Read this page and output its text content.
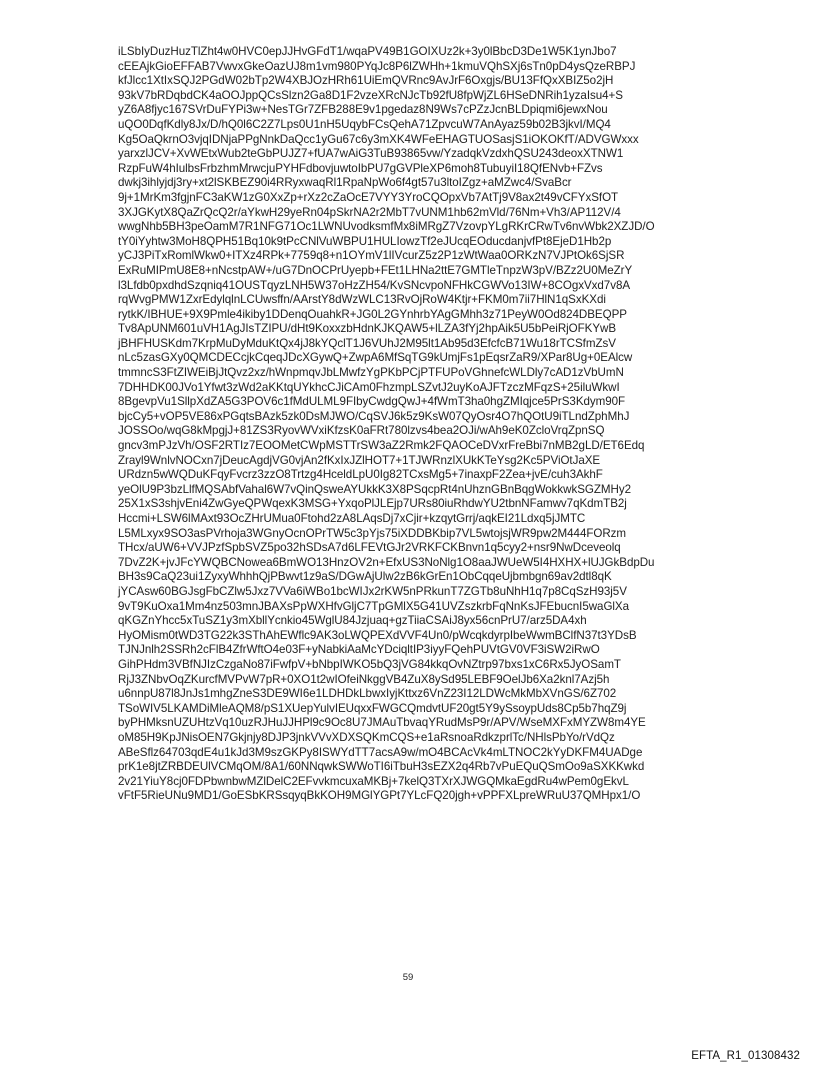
iLSbIyDuzHuzTlZht4w0HVC0epJJHvGFdT1/wqaPV49B1GOIXUz2k+3y0lBbcD3De1W5K1ynJbo7
cEEAjkGioEFFAB7VwvxGkeOazUJ8m1vm980PYqJc8P6lZWHh+1kmuVQhSXj6sTn0pD4ysQzeRBPJ
kfJlcc1XtIxSQJ2PGdW02bTp2W4XBJOzHRh61UiEmQVRnc9AvJrF6Oxgjs/BU13FfQxXBIZ5o2jH
93kV7bRDqbdCK4aOOJppQCsSlzn2Ga8D1F2vzeXRcNJcTb92fU8fpWjZL6HSeDNRih1yzaIsu4+S
yZ6A8fjyc167SVrDuFYPi3w+NesTGr7ZFB288E9v1pgedaz8N9Ws7cPZzJcnBLDpiqmi6jewxNou
uQO0DqfKdly8Jx/D/hQ0l6C2Z7Lps0U1nH5UqybFCsQehA71ZpvcuW7AnAyaz59b02B3jkvI/MQ4
Kg5OaQkrnO3vjqIDNjaPPgNnkDaQcc1yGu67c6y3mXK4WFeEHAGTUOSasjS1iOKOKfT/ADVGWxxx
yarxzlJCV+XvWEtxWub2teGbPUJZ7+fUA7wAiG3TuB93865vw/YzadqkVzdxhQSU243deoxXTNW1
RzpFuW4hIulbsFrbzhmMrwcjuPYHFdbovjuwtoIbPU7gGVPleXP6moh8TubuyiI18QfENvb+FZvs
dwkj3ihlyjdj3ry+xt2lSKBEZ90i4RRyxwaqRl1RpaNpWo6f4gt57u3ltoIZgz+aMZwc4/SvaBcr
9j+1MrKm3fgjnFC3aKW1zG0XxZp+rXz2cZaOcE7VYY3YroCQOpxVb7AtTj9V8ax2t49vCFYxSfOT
3XJGKytX8QaZrQcQ2r/aYkwH29yeRn04pSkrNA2r2MbT7vUNM1hb62mVld/76Nm+Vh3/AP112V/4
wwgNhb5BH3peOamM7R1NFG71Oc1LWNUvodksmfMx8iMRgZ7VzovpYLgRKrCRwTv6nvWbk2XZJD/O
tY0iYyhtw3MoH8QPH51Bq10k9tPcCNlVuWBPU1HULIowzTf2eJUcqEOducdanjvfPt8EjeD1Hb2p
yCJ3PiTxRomlWkw0+ITXz4RPk+7759q8+n1OYmV1lIVcurZ5z2P1zWtWaa0ORKzN7VJPtOk6SjSR
ExRuMIPmU8E8+nNcstpAW+/uG7DnOCPrUyepb+FEt1LHNa2ttE7GMTleTnpzW3pV/BZz2U0MeZrY
l3Lfdb0pxdhdSzqniq41OUSTqyzLNH5W37oHzZH54/KvSNcvpoNFHkCGWVo13IW+8COgxVxd7v8A
rqWvgPMW1ZxrEdylqlnLCUwsffn/AArstY8dWzWLC13RvOjRoW4Ktjr+FKM0m7ii7HlN1qSxKXdi
rytkK/IBHUE+9X9Pmle4ikiby1DDenqOuahkR+JG0L2GYnhrbYAgGMhh3z71PeyW0Od824DBEQPP
Tv8ApUNM601uVH1AgJIsTZIPU/dHt9KoxxzbHdnKJKQAW5+lLZA3fYj2hpAik5U5bPeiRjOFKYwB
jBHFHUSKdm7KrpMuDyMduKtQx4jJ8kYQclT1J6VUhJ2M95lt1Ab95d3EfcfcB71Wu18rTCSfmZsV
nLc5zasGXy0QMCDECcjkCqeqJDcXGywQ+ZwpA6MfSqTG9kUmjFs1pEqsrZaR9/XPar8Ug+0EAlcw
tmmncS3FtZIWEiBjJtQvz2xz/hWnpmqvJbLMwfzYgPKbPCjPTFUPoVGhnefcWLDly7cAD1zVbUmN
7DHHDK00JVo1Yfwt3zWd2aKKtqUYkhcCJiCAm0FhzmpLSZvtJ2uyKoAJFTzczMFqzS+25iluWkwI
8BgevpVu1SllpXdZA5G3POV6c1fMdULML9FIbyCwdgQwJ+4fWmT3ha0hgZMIqjce5PrS3Kdym90F
bjcCy5+vOP5VE86xPGqtsBAzk5zk0DsMJWO/CqSVJ6k5z9KsW07QyOsr4O7hQOtU9iTLndZphMhJ
JOSSOo/wqG8kMpgjJ+81ZS3RyovWVxiKfzsK0aFRt780lzvs4bea2OJi/wAh9eK0ZcloVrqZpnSQ
gncv3mPJzVh/OSF2RTIz7EOOMetCWpMSTTrSW3aZ2Rmk2FQAOCeDVxrFreBbi7nMB2gLD/ET6Edq
Zrayl9WnlvNOCxn7jDeucAgdjVG0vjAn2fKxIxJZlHOT7+1TJWRnzlXUkKTeYsg2Kc5PViOtJaXE
URdzn5wWQDuKFqyFvcrz3zzO8Trtzg4HceldLpU0Ig82TCxsMg5+7inaxpF2Zea+jvE/cuh3AkhF
yeOlU9P3bzLlfMQSAbfVahal6W7vQinQsweAYUkkK3X8PSqcpRt4nUhznGBnBqgWokkwkSGZMHy2
25X1xS3shjvEni4ZwGyeQPWqexK3MSG+YxqoPlJLEjp7URs80iuRhdwYU2tbnNFamwv7qKdmTB2j
Hccmi+LSW6lMAxt93OcZHrUMua0Ftohd2zA8LAqsDj7xCjir+kzqytGrrj/aqkEI21Ldxq5jJMTC
L5MLxyx9SO3asPVrhoja3WGnyOcnOPrTW5c3pYjs75iXDDBKbip7VL5wtojsjWR9pw2M444FORzm
THcx/aUW6+VVJPzfSpbSVZ5po32hSDsA7d6LFEVtGJr2VRKFCKBnvn1q5cyy2+nsr9NwDceveolq
7DvZ2K+jvJFcYWQBCNowea6BmWO13HnzOV2n+EfxUS3NoNlg1O8aaJWUeW5I4HXHX+lUJGkBdpDu
BH3s9CaQ23ui1ZyxyWhhhQjPBwvt1z9aS/DGwAjUlw2zB6kGrEn1ObCqqeUjbmbgn69av2dtl8qK
jYCAsw60BGJsgFbCZlw5Jxz7VVa6iWBo1bcWIJx2rKW5nPRkunT7ZGTb8uNhH1q7p8CqSzH93j5V
9vT9KuOxa1Mm4nz503mnJBAXsPpWXHfvGljC7TpGMlX5G41UVZszkrbFqNnKsJFEbucnI5waGlXa
qKGZnYhcc5xTuSZ1y3mXbllYcnkio45WglU84Jzjuaq+gzTiiaCSAiJ8yx56cnPrU7/arz5DA4xh
HyOMism0tWD3TG22k3SThAhEWflc9AK3oLWQPEXdVVF4Un0/pWcqkdyrpIbeWwmBClfN37t3YDsB
TJNJnlh2SSRh2cFlB4ZfrWftO4e03F+yNabkiAaMcYDciqltIP3iyyFQehPUVtGV0VF3iSW2iRwO
GihPHdm3VBfNJIzCzgaNo87iFwfpV+bNbpIWKO5bQ3jVG84kkqOvNZtrp97bxs1xC6Rx5JyOSamT
RjJ3ZNbvOqZKurcfMVPvW7pR+0XO1t2wIOfeiNkggVB4ZuX8ySd95LEBF9OelJb6Xa2knl7Azj5h
u6nnpU87l8JnJs1mhgZneS3DE9WI6e1LDHDkLbwxIyjKttxz6VnZ23I12LDWcMkMbXVnGS/6Z702
TSoWIV5LKAMDiMleAQM8/pS1XUepYulvIEUqxxFWGCQmdvtUF20gt5Y9ySsoypUds8Cp5b7hqZ9j
byPHMksnUZUHtzVq10uzRJHuJJHPl9c9Oc8U7JMAuTbvaqYRudMsP9r/APV/WseMXFxMYZW8m4YE
oM85H9KpJNisOEN7Gkjnjy8DJP3jnkVVvXDXSQKmCQS+e1aRsnoaRdkzprlTc/NHlsPbYo/rVdQz
ABeSflz64703qdE4u1kJd3M9szGKPy8ISWYdTT7acsA9w/mO4BCAcVk4mLTNOC2kYyDKFM4UADge
prK1e8jtZRBDEUlVCMqOM/8A1/60NNqwkSWWoTI6iTbuH3sEZX2q4Rb7vPuEQuQSmOo9aSXKKwkd
2v21YiuY8cj0FDPbwnbwMZlDelC2EFvvkmcuxaMKBj+7kelQ3TXrXJWGQMkaEgdRu4wPem0gEkvL
vFtF5RieUNu9MD1/GoESbKRSsqyqBkKOH9MGlYGPt7YLcFQ20jgh+vPPFXLpreWRuU37QMHpx1/O
59
EFTA_R1_01308432
